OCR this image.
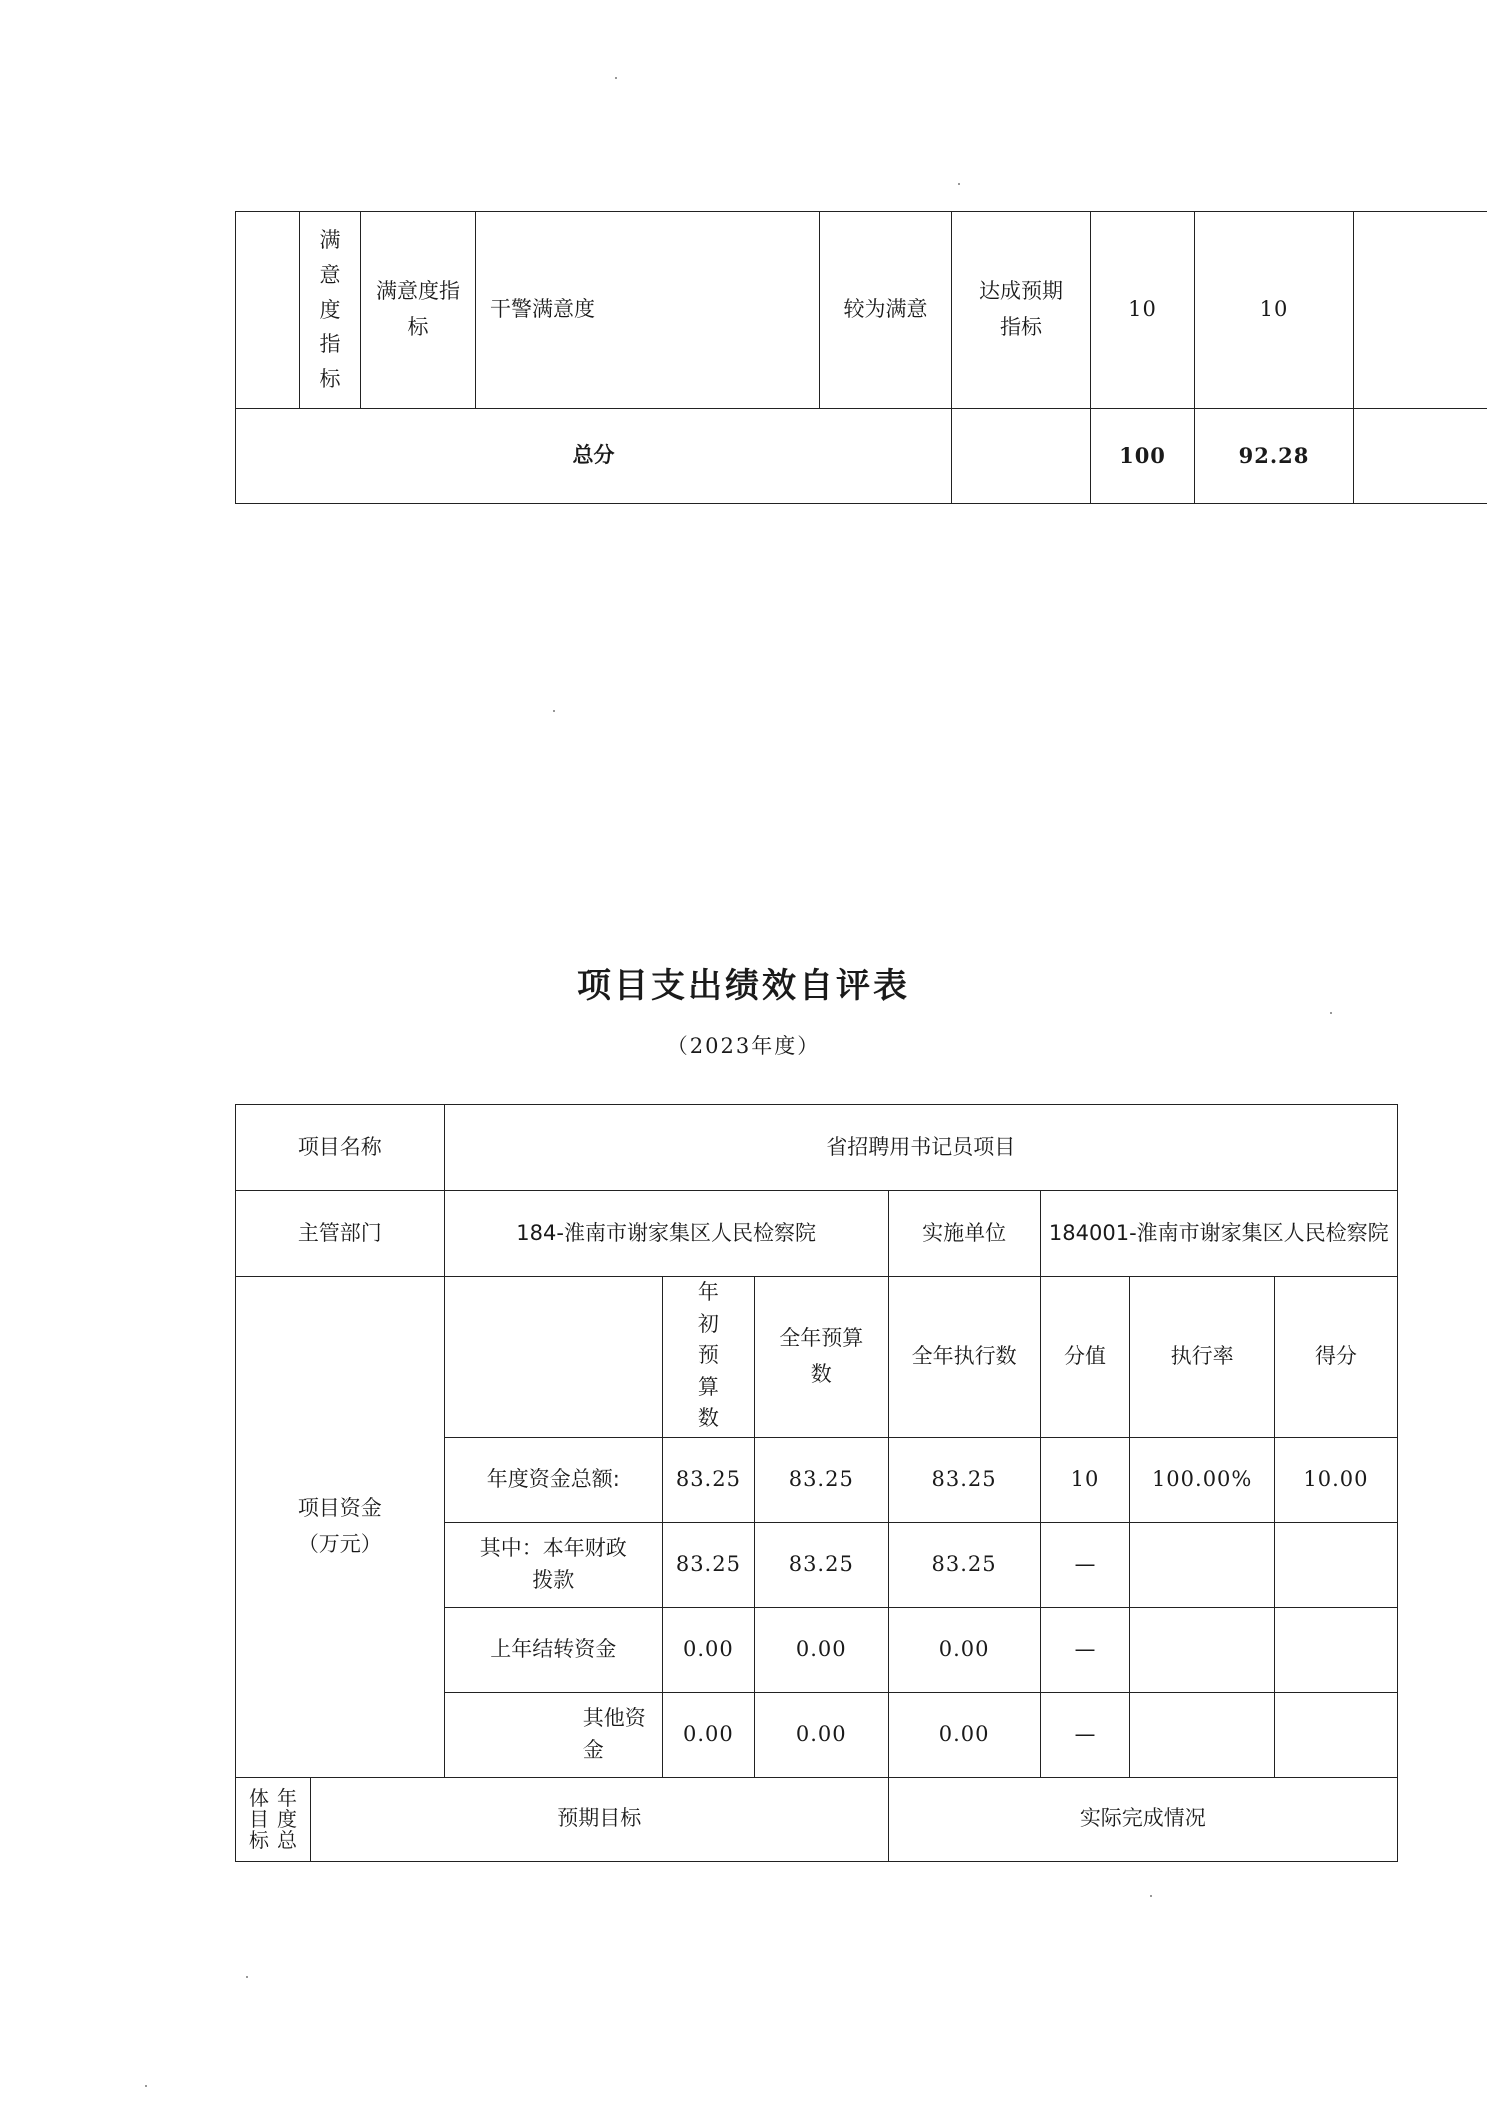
	满意度指标	满意度指标	干警满意度	较为满意	达成预期指标	10	10	
总分						100	92.28	
项目支出绩效自评表
（2023年度）
项目名称		省招聘用书记员项目						
主管部门		184-淮南市谢家集区人民检察院			实施单位	184001-淮南市谢家集区人民检察院		

项目资金
（万元）			年初预算数	全年预算数	全年执行数	分值	执行率	得分
		年度资金总额:	83.25	83.25	83.25	10	100.00%	10.00
		其中：本年财政拨款	83.25	83.25	83.25	—		
		上年结转资金	0.00	0.00	0.00	—		
		其他资金	0.00	0.00	0.00	—		

体目标
年度总	预期目标				实际完成情况			
